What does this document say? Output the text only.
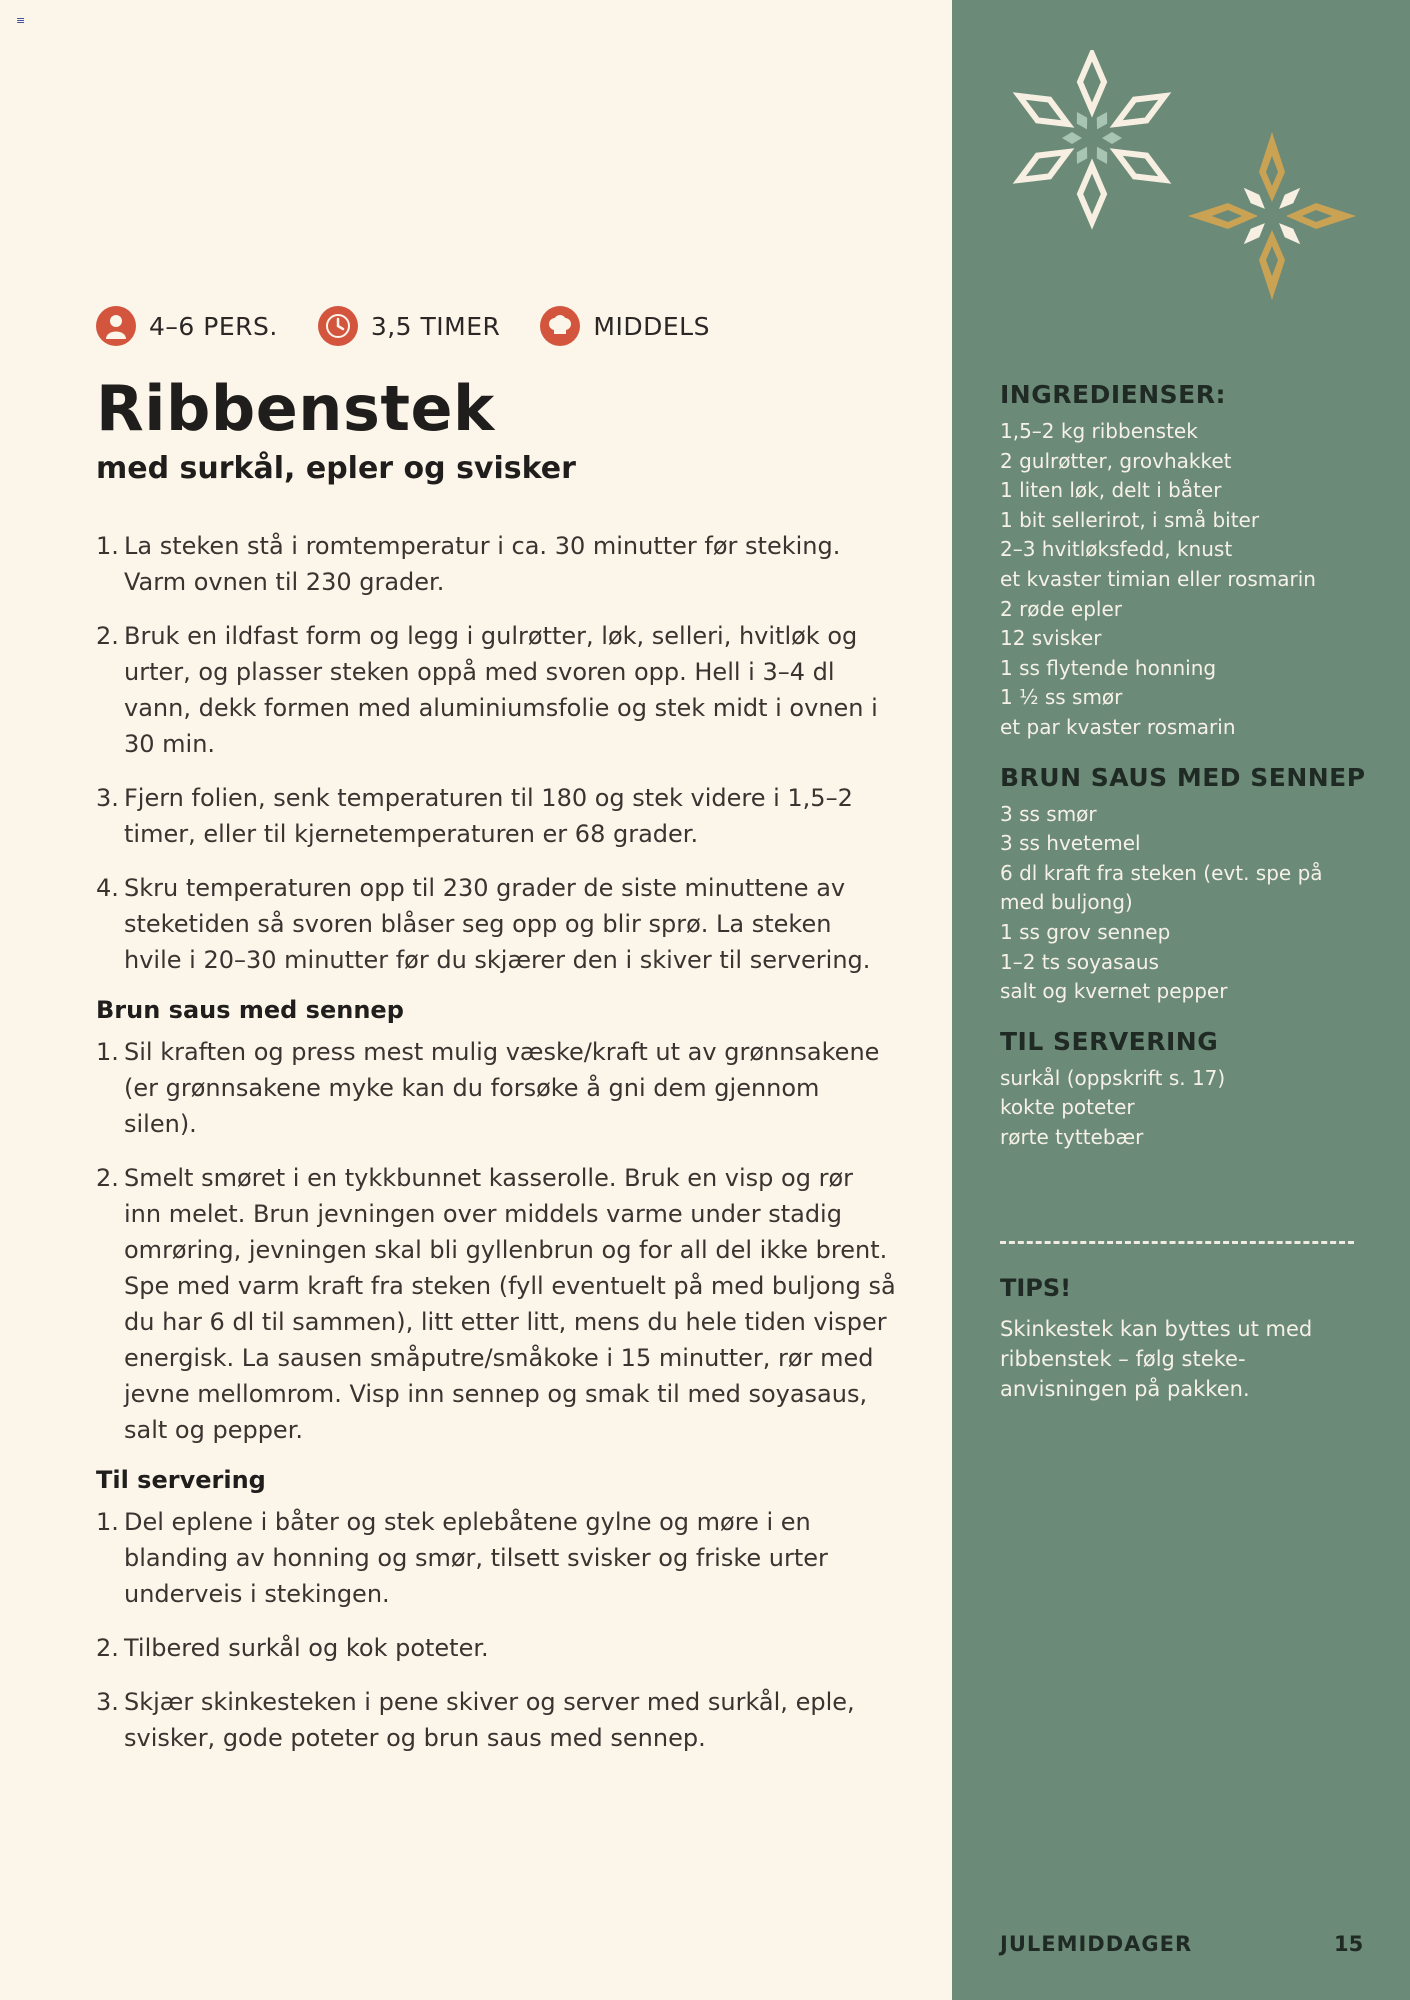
≡
4–6 PERS.	3,5 TIMER	MIDDELS
Ribbenstek
med surkål, epler og svisker
1. La steken stå i romtemperatur i ca. 30 minutter før steking. Varm ovnen til 230 grader.
2. Bruk en ildfast form og legg i gulrøtter, løk, selleri, hvitløk og urter, og plasser steken oppå med svoren opp. Hell i 3–4 dl vann, dekk formen med aluminiumsfolie og stek midt i ovnen i 30 min.
3. Fjern folien, senk temperaturen til 180 og stek videre i 1,5–2 timer, eller til kjernetemperaturen er 68 grader.
4. Skru temperaturen opp til 230 grader de siste minuttene av steketiden så svoren blåser seg opp og blir sprø. La steken hvile i 20–30 minutter før du skjærer den i skiver til servering.
Brun saus med sennep
1. Sil kraften og press mest mulig væske/kraft ut av grønnsakene (er grønnsakene myke kan du forsøke å gni dem gjennom silen).
2. Smelt smøret i en tykkbunnet kasserolle. Bruk en visp og rør inn melet. Brun jevningen over middels varme under stadig omrøring, jevningen skal bli gyllenbrun og for all del ikke brent. Spe med varm kraft fra steken (fyll eventuelt på med buljong så du har 6 dl til sammen), litt etter litt, mens du hele tiden visper energisk. La sausen småputre/småkoke i 15 minutter, rør med jevne mellomrom. Visp inn sennep og smak til med soyasaus, salt og pepper.
Til servering
1. Del eplene i båter og stek eplebåtene gylne og møre i en blanding av honning og smør, tilsett svisker og friske urter underveis i stekingen.
2. Tilbered surkål og kok poteter.
3. Skjær skinkesteken i pene skiver og server med surkål, eple, svisker, gode poteter og brun saus med sennep.
INGREDIENSER:
1,5–2 kg ribbenstek
2 gulrøtter, grovhakket
1 liten løk, delt i båter
1 bit sellerirot, i små biter
2–3 hvitløksfedd, knust
et kvaster timian eller rosmarin
2 røde epler
12 svisker
1 ss flytende honning
1 ½ ss smør
et par kvaster rosmarin
BRUN SAUS MED SENNEP
3 ss smør
3 ss hvetemel
6 dl kraft fra steken (evt. spe på
med buljong)
1 ss grov sennep
1–2 ts soyasaus
salt og kvernet pepper
TIL SERVERING
surkål (oppskrift s. 17)
kokte poteter
rørte tyttebær
TIPS!
Skinkestek kan byttes ut med ribbenstek – følg steke-anvisningen på pakken.
JULEMIDDAGER	15
